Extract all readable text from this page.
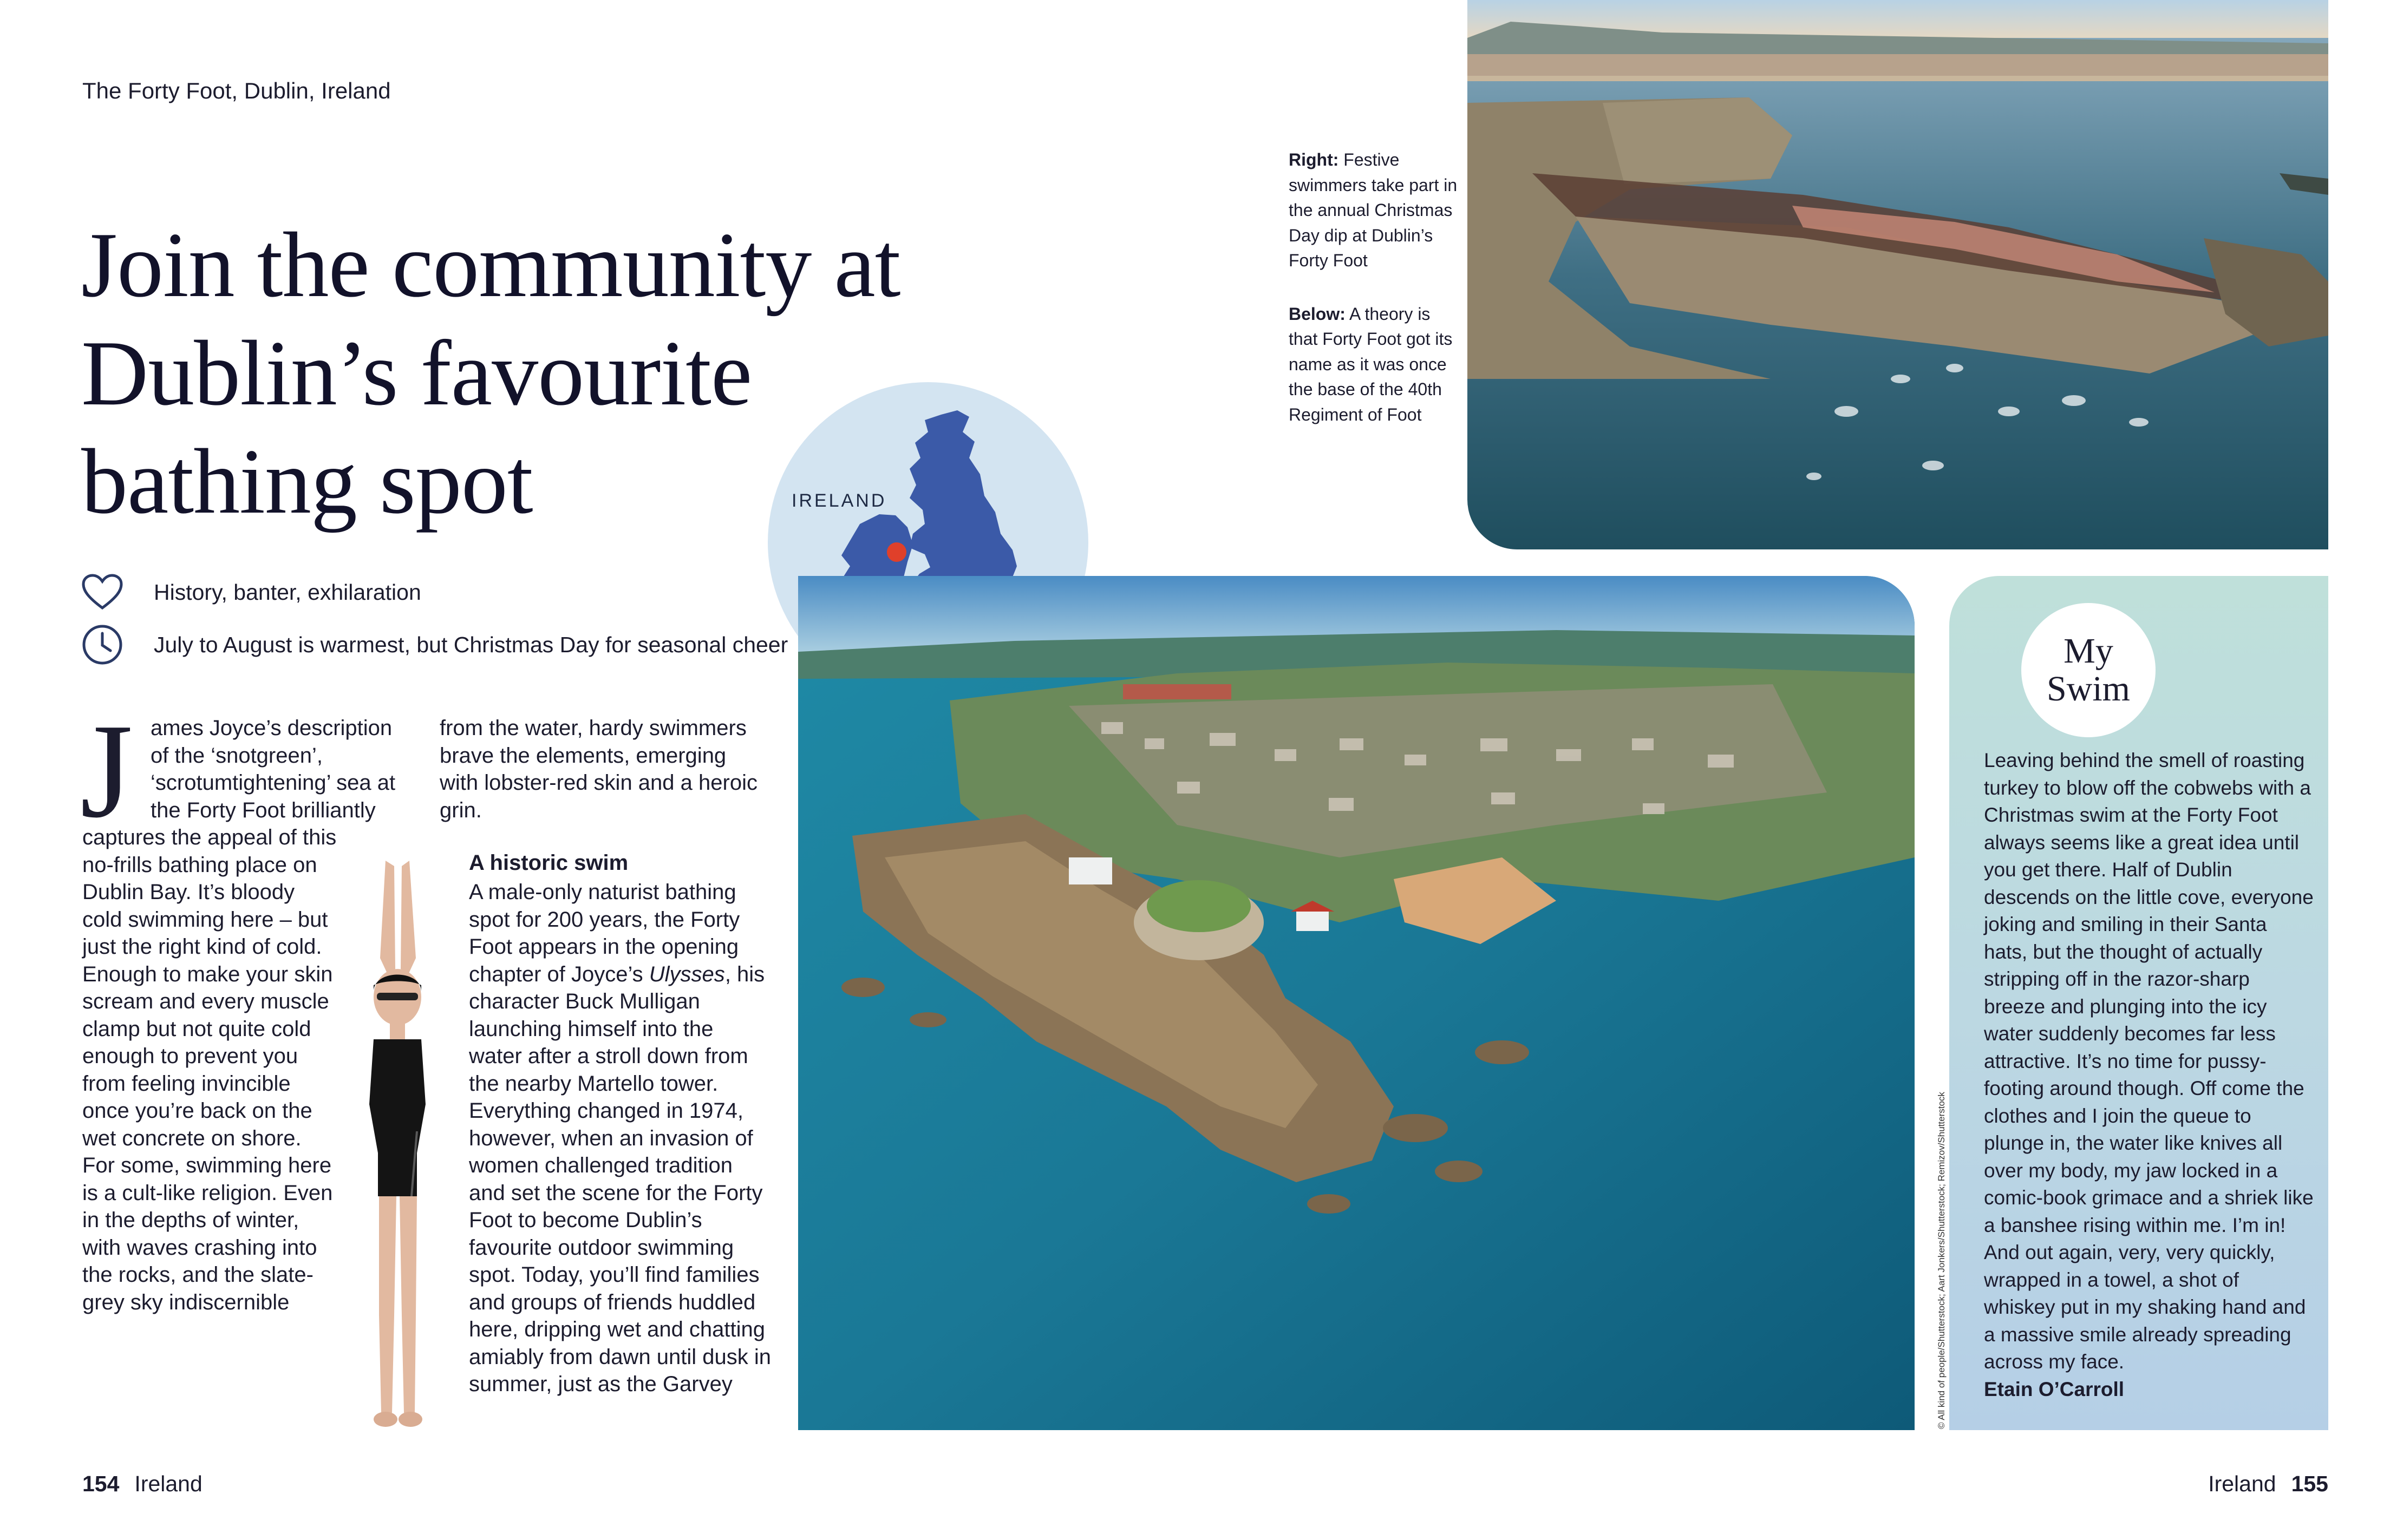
The Forty Foot, Dublin, Ireland
Join the community at
Dublin’s favourite
bathing spot
History, banter, exhilaration
July to August is warmest, but Christmas Day for seasonal cheer
IRELAND
J ames Joyce’s description of the ‘snotgreen’, ‘scrotumtightening’ sea at the Forty Foot brilliantly
captures the appeal of this no-frills bathing place on Dublin Bay. It’s bloody cold swimming here – but just the right kind of cold. Enough to make your skin scream and every muscle clamp but not quite cold enough to prevent you from feeling invincible once you’re back on the wet concrete on shore. For some, swimming here is a cult-like religion. Even in the depths of winter, with waves crashing into the rocks, and the slate-grey sky indiscernible
from the water, hardy swimmers brave the elements, emerging with lobster-red skin and a heroic grin.
A historic swim
A male-only naturist bathing spot for 200 years, the Forty Foot appears in the opening chapter of Joyce’s Ulysses, his character Buck Mulligan launching himself into the water after a stroll down from the nearby Martello tower. Everything changed in 1974, however, when an invasion of women challenged tradition and set the scene for the Forty Foot to become Dublin’s favourite outdoor swimming spot. Today, you’ll find families and groups of friends huddled here, dripping wet and chatting amiably from dawn until dusk in summer, just as the Garvey

Right: Festive swimmers take part in the annual Christmas Day dip at Dublin’s Forty Foot

Below: A theory is that Forty Foot got its name as it was once the base of the 40th Regiment of Foot

© All kind of people/Shutterstock; Aart Jonkers/Shutterstock; Remizov/Shutterstock
My
Swim

Leaving behind the smell of roasting turkey to blow off the cobwebs with a Christmas swim at the Forty Foot always seems like a great idea until you get there. Half of Dublin descends on the little cove, everyone joking and smiling in their Santa hats, but the thought of actually stripping off in the razor-sharp breeze and plunging into the icy water suddenly becomes far less attractive. It’s no time for pussy-footing around though. Off come the clothes and I join the queue to plunge in, the water like knives all over my body, my jaw locked in a comic-book grimace and a shriek like a banshee rising within me. I’m in! And out again, very, very quickly, wrapped in a towel, a shot of whiskey put in my shaking hand and a massive smile already spreading across my face.

Etain O’Carroll

154 Ireland	Ireland 155
